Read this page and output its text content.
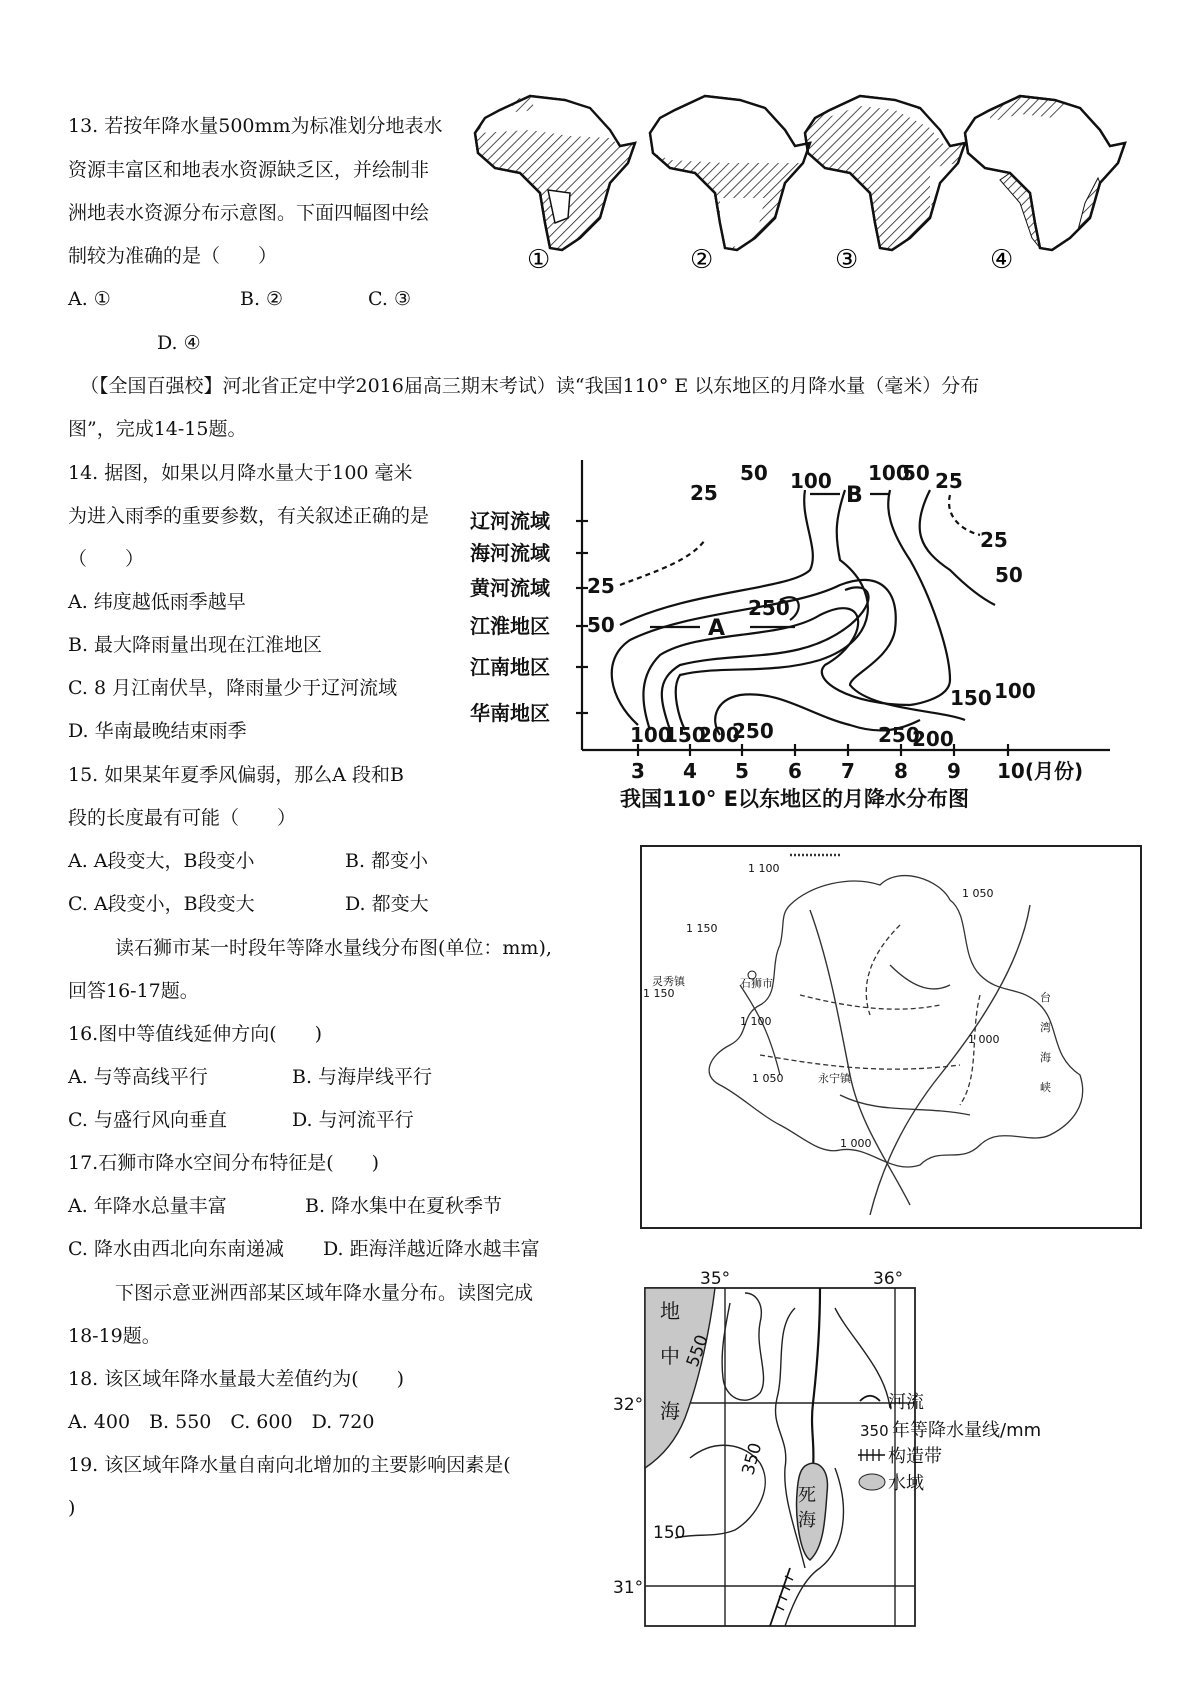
13. 若按年降水量500mm为标准划分地表水
资源丰富区和地表水资源缺乏区，并绘制非
洲地表水资源分布示意图。下面四幅图中绘
制较为准确的是（　　）
A. ①	B. ②	C. ③
D. ④
①	②	③	④
（【全国百强校】河北省正定中学2016届高三期末考试）读“我国110° E 以东地区的月降水量（毫米）分布
图”，完成14-15题。
14. 据图，如果以月降水量大于100 毫米
为进入雨季的重要参数，有关叙述正确的是
（　　）
A. 纬度越低雨季越早
B. 最大降雨量出现在江淮地区
C. 8 月江南伏旱，降雨量少于辽河流域
D. 华南最晚结束雨季
辽河流域
海河流域
黄河流域
江淮地区
江南地区
华南地区
3 4 5 6 7 8 9 10(月份)
我国110° E以东地区的月降水分布图
25
50 100 100
50 25
25
50
25
50
250
150 100
100
150
200
250	250
200
A
B
15. 如果某年夏季风偏弱，那么A 段和B
段的长度最有可能（　　）
A. A段变大，B段变小	B. 都变小
C. A段变小，B段变大	D. 都变大
读石狮市某一时段年等降水量线分布图(单位：mm),
回答16-17题。
1 100
1 150
1 150
1 050
1 100
1 000
1 050
1 000
灵秀镇	石狮市
永宁镇
台
湾
海
峡
16.图中等值线延伸方向(　　)
A. 与等高线平行	B. 与海岸线平行
C. 与盛行风向垂直	D. 与河流平行
17.石狮市降水空间分布特征是(　　)
A. 年降水总量丰富	B. 降水集中在夏秋季节
C. 降水由西北向东南递减 D. 距海洋越近降水越丰富
下图示意亚洲西部某区域年降水量分布。读图完成
18-19题。
18. 该区域年降水量最大差值约为(　　)
A. 400　B. 550　C. 600　D. 720
19. 该区域年降水量自南向北增加的主要影响因素是(
)
35°	36°
32°
31°
地
中
海
死
海
550
350
150
河流
350 年等降水量线/mm
构造带
水域
